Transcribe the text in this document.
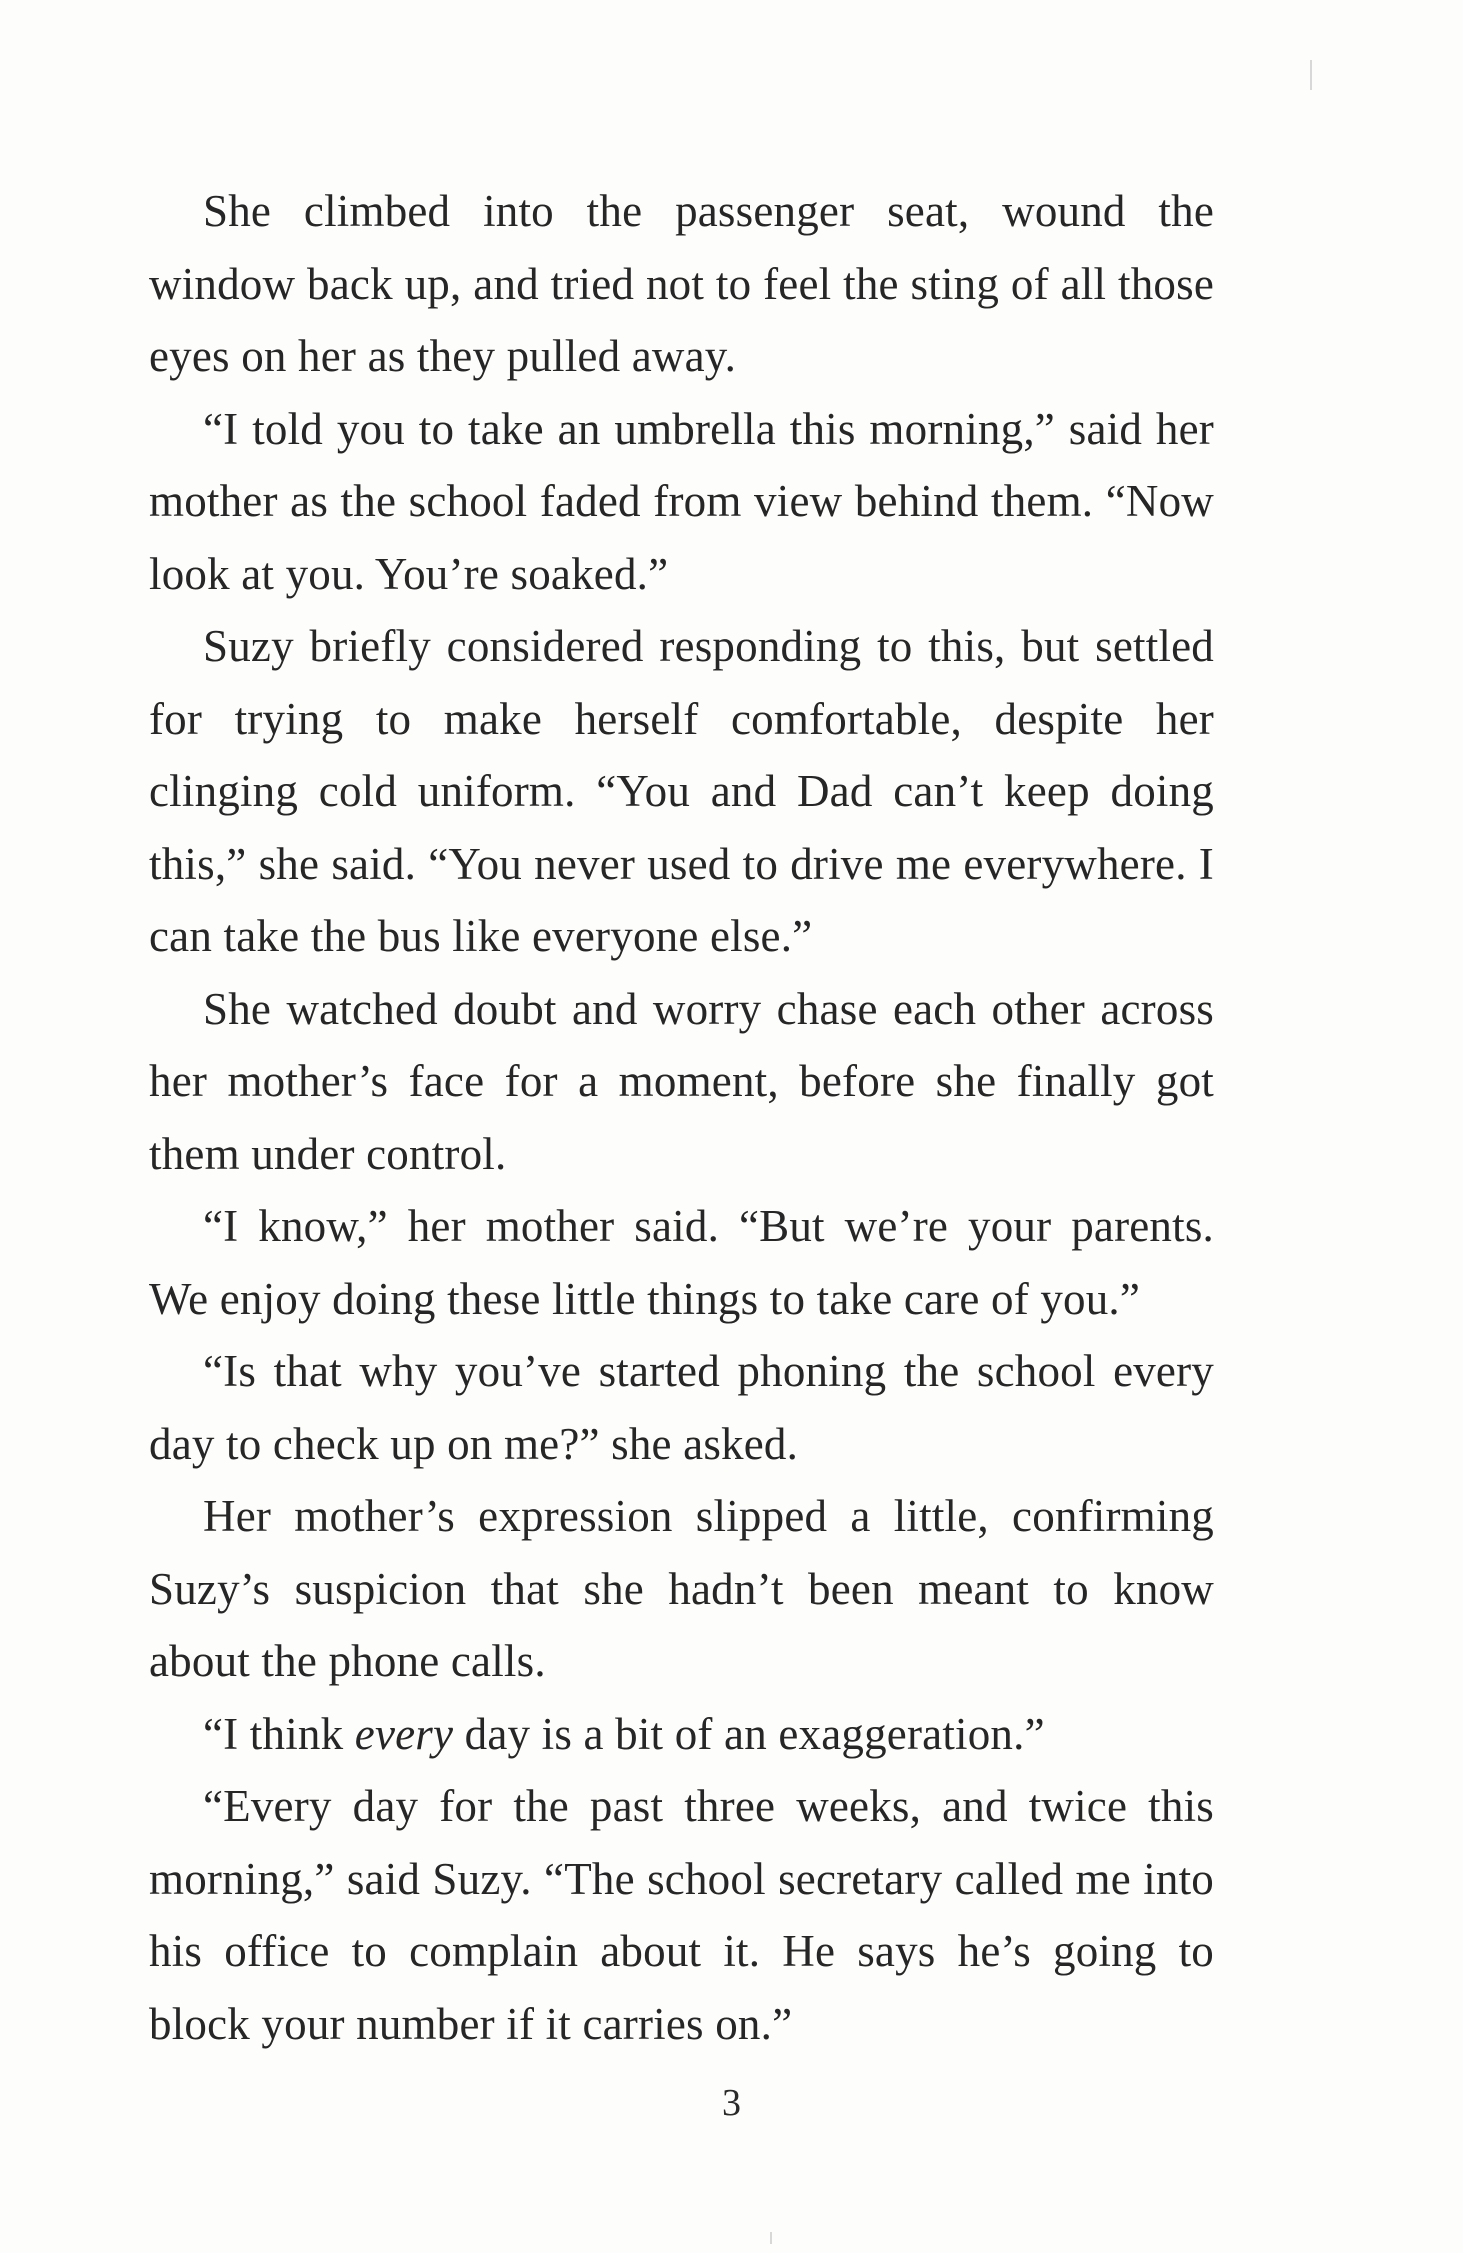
She climbed into the passenger seat, wound the window back up, and tried not to feel the sting of all those eyes on her as they pulled away.

“I told you to take an umbrella this morning,” said her mother as the school faded from view behind them. “Now look at you. You’re soaked.”

Suzy briefly considered responding to this, but settled for trying to make herself comfortable, despite her clinging cold uniform. “You and Dad can’t keep doing this,” she said. “You never used to drive me everywhere. I can take the bus like everyone else.”

She watched doubt and worry chase each other across her mother’s face for a moment, before she finally got them under control.

“I know,” her mother said. “But we’re your parents. We enjoy doing these little things to take care of you.”

“Is that why you’ve started phoning the school every day to check up on me?” she asked.

Her mother’s expression slipped a little, confirming Suzy’s suspicion that she hadn’t been meant to know about the phone calls.

“I think every day is a bit of an exaggeration.”

“Every day for the past three weeks, and twice this morning,” said Suzy. “The school secretary called me into his office to complain about it. He says he’s going to block your number if it carries on.”

3
